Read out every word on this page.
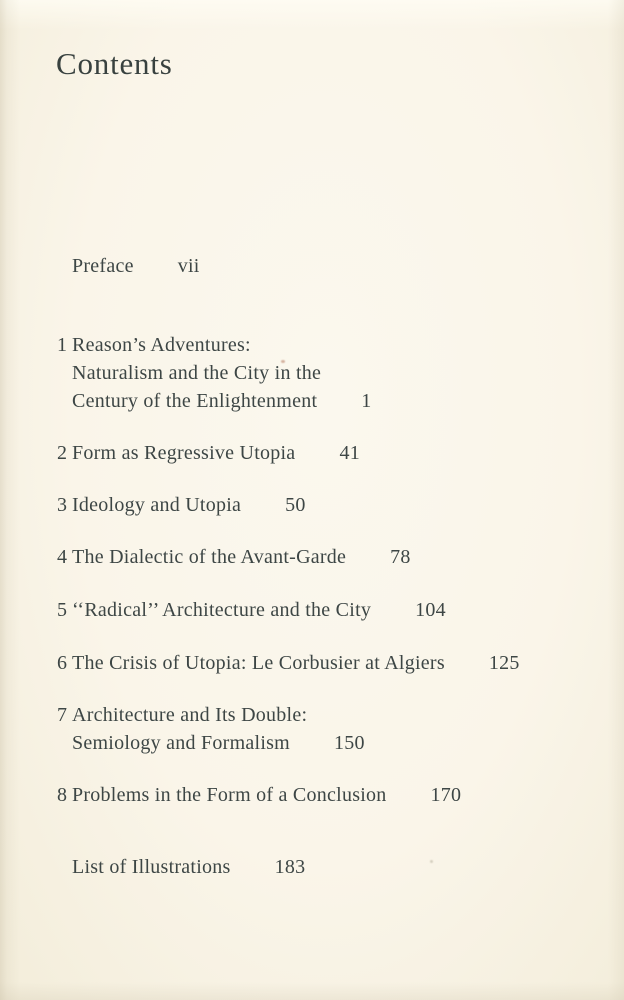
Contents
Preface vii
1 Reason’s Adventures:
Naturalism and the City in the
Century of the Enlightenment 1
2 Form as Regressive Utopia 41
3 Ideology and Utopia 50
4 The Dialectic of the Avant-Garde 78
5 ‘‘Radical’’ Architecture and the City 104
6 The Crisis of Utopia: Le Corbusier at Algiers 125
7 Architecture and Its Double:
Semiology and Formalism 150
8 Problems in the Form of a Conclusion 170
List of Illustrations 183
